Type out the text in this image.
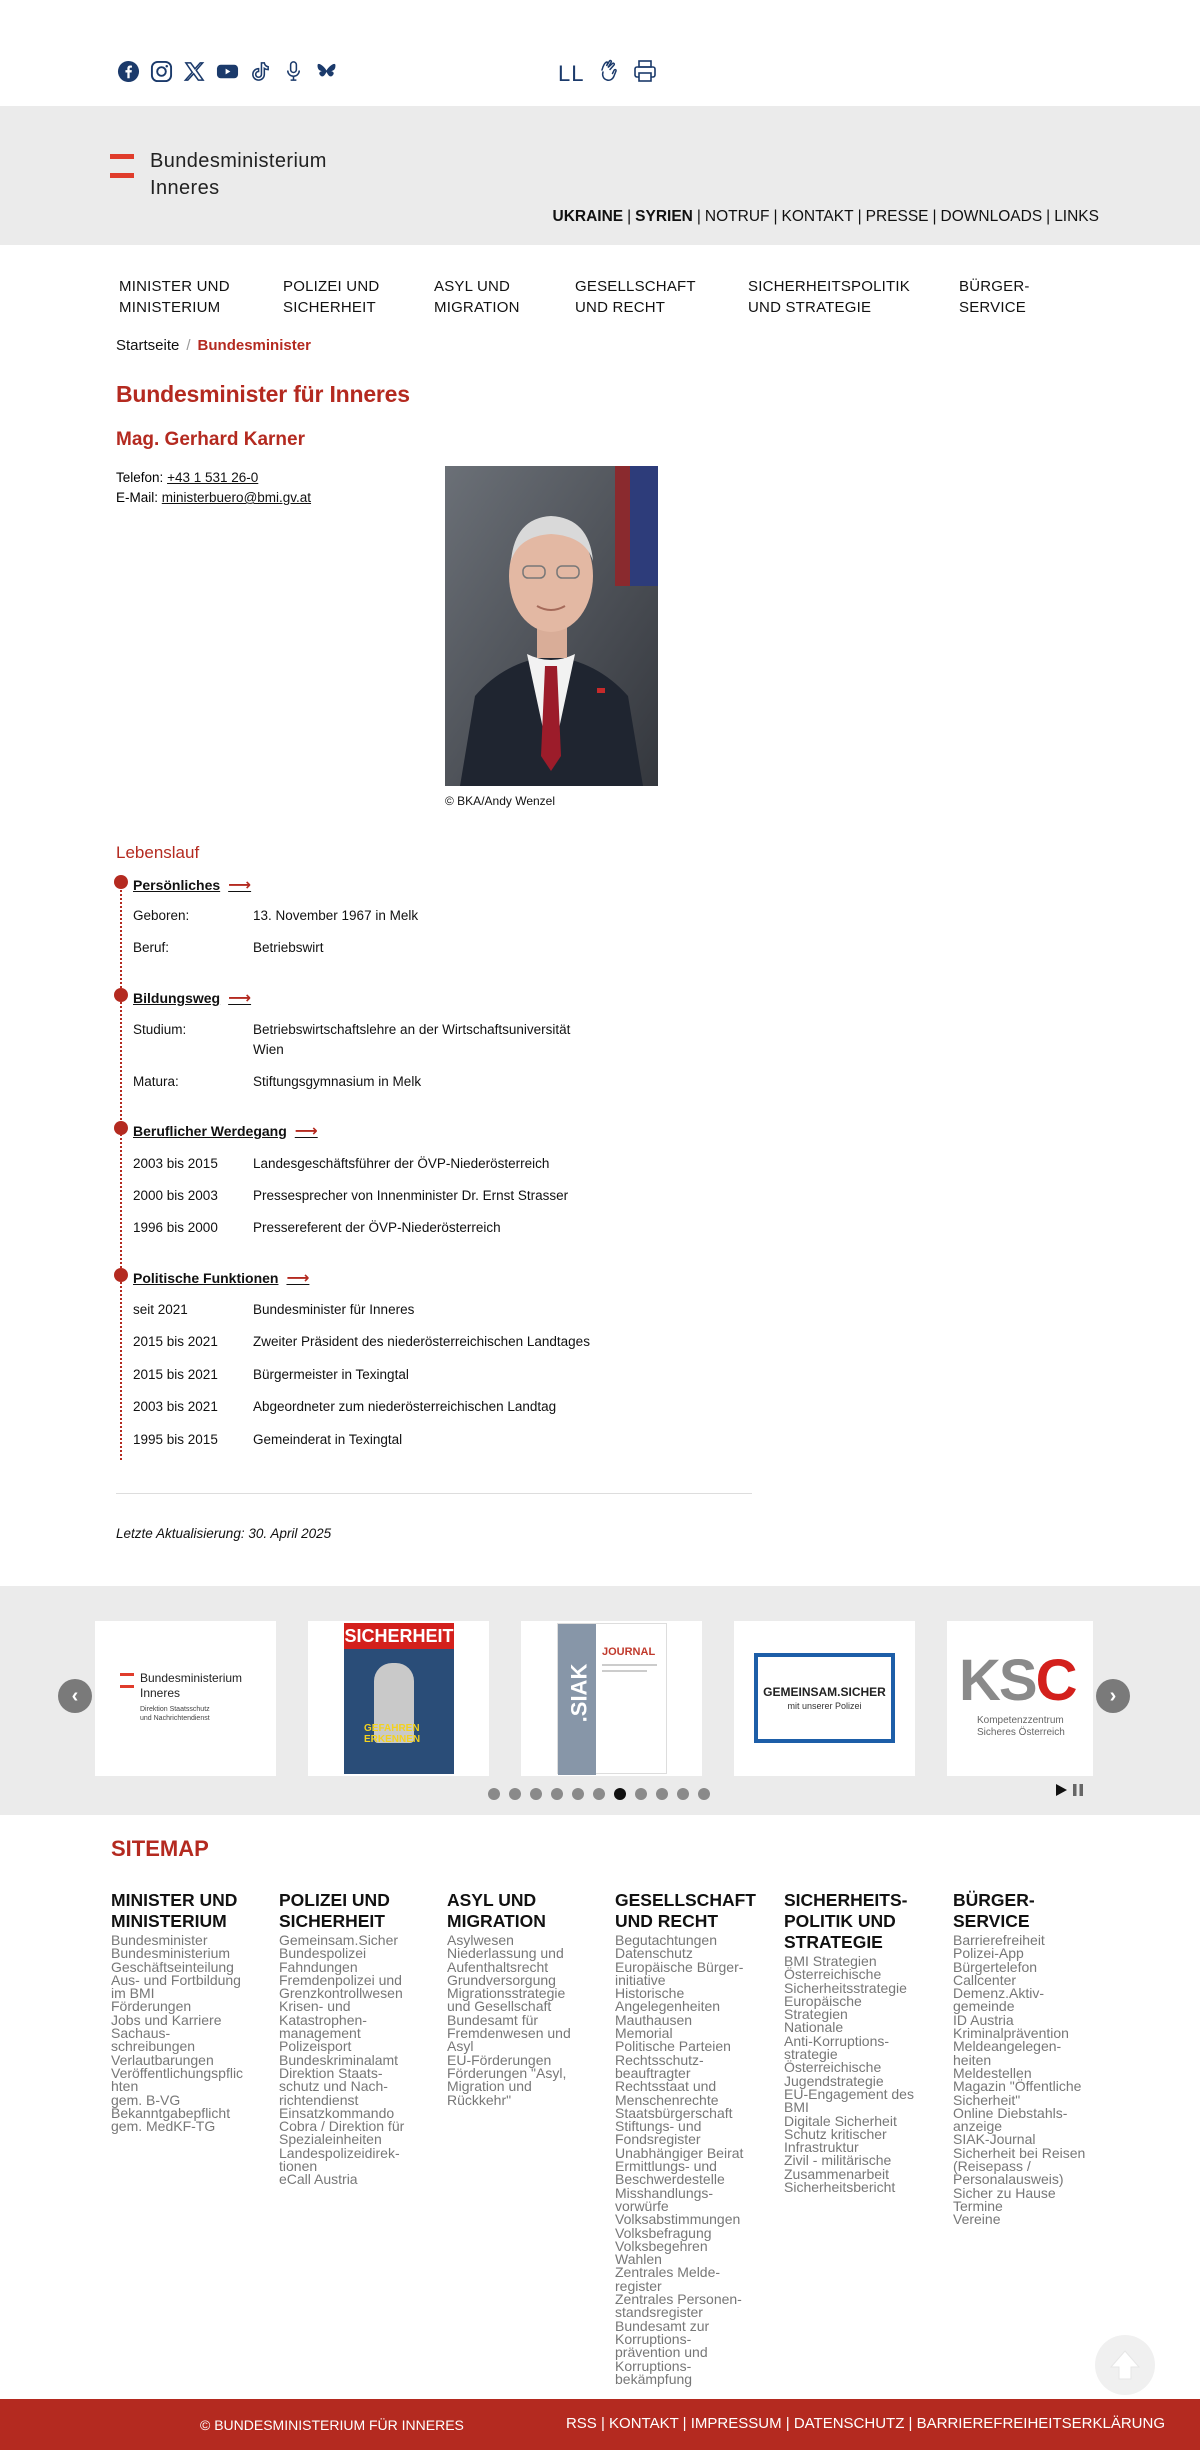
LL
Bundesministerium
Inneres
UKRAINE | SYRIEN | NOTRUF | KONTAKT | PRESSE | DOWNLOADS | LINKS
MINISTER UND
MINISTERIUM
POLIZEI UND
SICHERHEIT
ASYL UND
MIGRATION
GESELLSCHAFT
UND RECHT
SICHERHEITSPOLITIK
UND STRATEGIE
BÜRGER-
SERVICE
Startseite / Bundesminister
Bundesminister für Inneres
Mag. Gerhard Karner
Telefon: +43 1 531 26-0
E-Mail: ministerbuero@bmi.gv.at
© BKA/Andy Wenzel
Lebenslauf
Persönliches ⟶
Geboren:	13. November 1967 in Melk
Beruf:	Betriebswirt
Bildungsweg ⟶
Studium:	Betriebswirtschaftslehre an der Wirtschaftsuniversität Wien
Matura:	Stiftungsgymnasium in Melk
Beruflicher Werdegang ⟶
2003 bis 2015	Landesgeschäftsführer der ÖVP-Niederösterreich
2000 bis 2003	Pressesprecher von Innenminister Dr. Ernst Strasser
1996 bis 2000	Pressereferent der ÖVP-Niederösterreich
Politische Funktionen ⟶
seit 2021	Bundesminister für Inneres
2015 bis 2021	Zweiter Präsident des niederösterreichischen Landtages
2015 bis 2021	Bürgermeister in Texingtal
2003 bis 2021	Abgeordneter zum niederösterreichischen Landtag
1995 bis 2015	Gemeinderat in Texingtal
Letzte Aktualisierung: 30. April 2025
Bundesministerium
Inneres
Direktion Staatsschutz
und Nachrichtendienst
SICHERHEIT
GEFAHREN
ERKENNEN
.SIAK
JOURNAL
GEMEINSAM.SICHER
mit unserer Polizei KSC
Kompetenzzentrum
Sicheres Österreich
‹	›
SITEMAP
MINISTER UND
MINISTERIUM
Bundesminister
Bundesministerium
Geschäftseinteilung
Aus- und Fortbildung
im BMI
Förderungen
Jobs und Karriere
Sachaus-
schreibungen
Verlautbarungen
Veröffentlichungspflic
hten
gem. B-VG
Bekanntgabepflicht
gem. MedKF-TG
POLIZEI UND
SICHERHEIT
Gemeinsam.Sicher
Bundespolizei
Fahndungen
Fremdenpolizei und
Grenzkontrollwesen
Krisen- und
Katastrophen-
management
Polizeisport
Bundeskriminalamt
Direktion Staats-
schutz und Nach-
richtendienst
Einsatzkommando
Cobra / Direktion für
Spezialeinheiten
Landespolizeidirek-
tionen
eCall Austria
ASYL UND
MIGRATION
Asylwesen
Niederlassung und
Aufenthaltsrecht
Grundversorgung
Migrationsstrategie
und Gesellschaft
Bundesamt für
Fremdenwesen und
Asyl
EU-Förderungen
Förderungen "Asyl,
Migration und
Rückkehr"
GESELLSCHAFT
UND RECHT
Begutachtungen
Datenschutz
Europäische Bürger-
initiative
Historische
Angelegenheiten
Mauthausen
Memorial
Politische Parteien
Rechtsschutz-
beauftragter
Rechtsstaat und
Menschenrechte
Staatsbürgerschaft
Stiftungs- und
Fondsregister
Unabhängiger Beirat
Ermittlungs- und
Beschwerdestelle
Misshandlungs-
vorwürfe
Volksabstimmungen
Volksbefragung
Volksbegehren
Wahlen
Zentrales Melde-
register
Zentrales Personen-
standsregister
Bundesamt zur
Korruptions-
prävention und
Korruptions-
bekämpfung
SICHERHEITS-
POLITIK UND
STRATEGIE
BMI Strategien
Österreichische
Sicherheitsstrategie
Europäische
Strategien
Nationale
Anti-Korruptions-
strategie
Österreichische
Jugendstrategie
EU-Engagement des
BMI
Digitale Sicherheit
Schutz kritischer
Infrastruktur
Zivil - militärische
Zusammenarbeit
Sicherheitsbericht
BÜRGER-
SERVICE
Barrierefreiheit
Polizei-App
Bürgertelefon
Callcenter
Demenz.Aktiv-
gemeinde
ID Austria
Kriminalprävention
Meldeangelegen-
heiten
Meldestellen
Magazin "Öffentliche
Sicherheit"
Online Diebstahls-
anzeige
SIAK-Journal
Sicherheit bei Reisen
(Reisepass /
Personalausweis)
Sicher zu Hause
Termine
Vereine
© BUNDESMINISTERIUM FÜR INNERES	RSS | KONTAKT | IMPRESSUM | DATENSCHUTZ | BARRIEREFREIHEITSERKLÄRUNG
